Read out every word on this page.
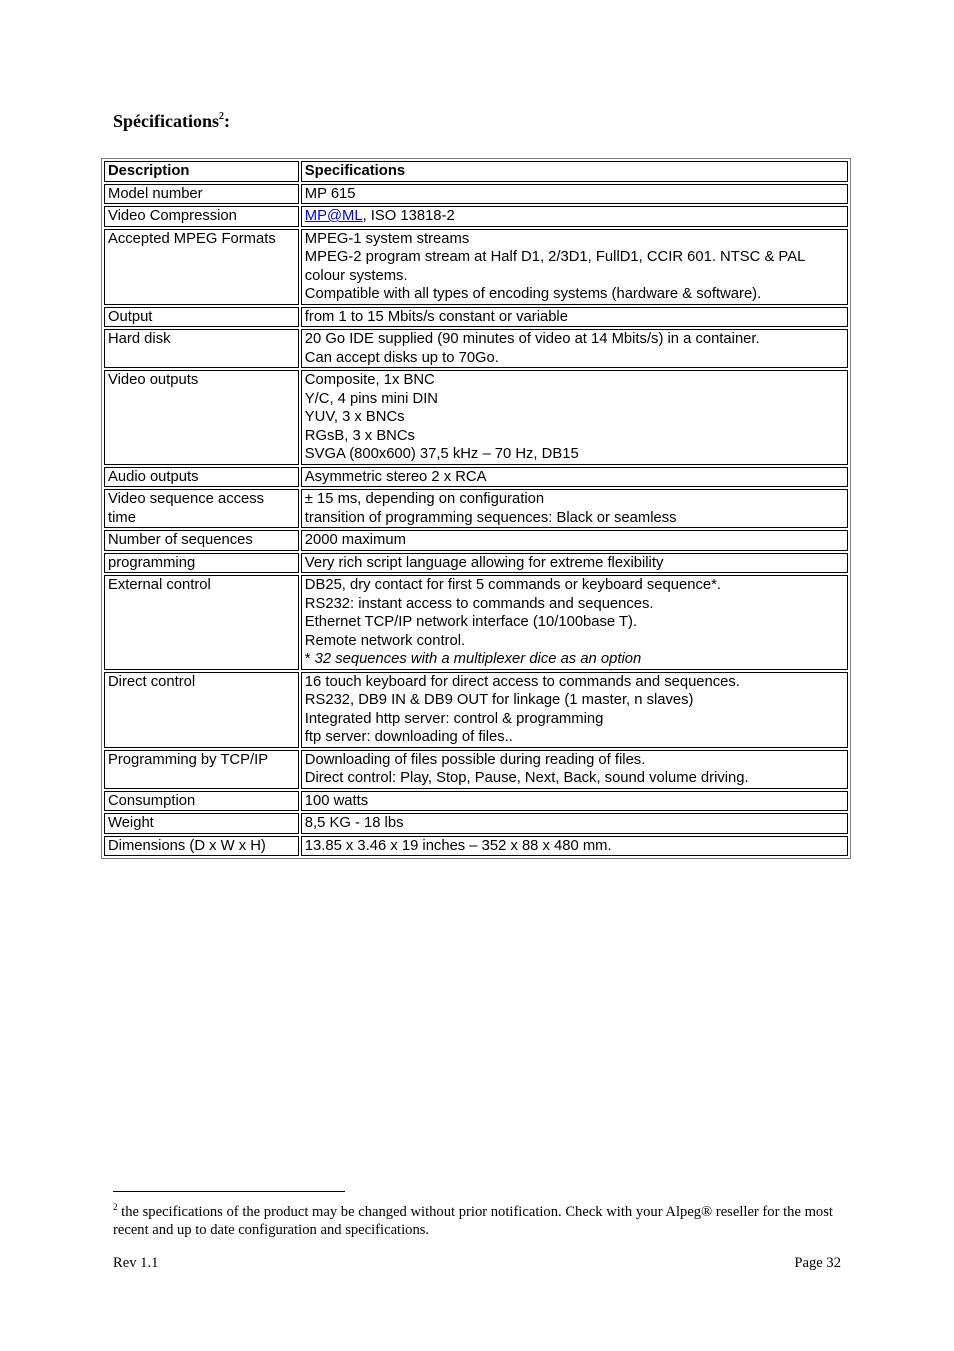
Spécifications$^2$:
Description	Specifications
Model number	MP 615

Video Compression	MP@ML, ISO 13818-2
Accepted MPEG Formats	MPEG-1 system streams
MPEG-2 program stream at Half D1, 2/3D1, FullD1, CCIR 601. NTSC & PAL colour systems.
Compatible with all types of encoding systems (hardware & software).

Output	from 1 to 15 Mbits/s constant or variable

Hard disk	20 Go IDE supplied (90 minutes of video at 14 Mbits/s) in a container.
Can accept disks up to 70Go.

Video outputs	Composite, 1x BNC
Y/C, 4 pins mini DIN
YUV, 3 x BNCs
RGsB, 3 x BNCs
SVGA (800x600) 37,5 kHz – 70 Hz, DB15

Audio outputs	Asymmetric stereo 2 x RCA

Video sequence access time	± 15 ms, depending on configuration
transition of programming sequences: Black or seamless

Number of sequences	2000 maximum

programming	Very rich script language allowing for extreme flexibility

External control	DB25, dry contact for first 5 commands or keyboard sequence*.
RS232: instant access to commands and sequences.
Ethernet TCP/IP network interface (10/100base T).
Remote network control.
* 32 sequences with a multiplexer dice as an option

Direct control	16 touch keyboard for direct access to commands and sequences.
RS232, DB9 IN & DB9 OUT for linkage (1 master, n slaves)
Integrated http server: control & programming
ftp server: downloading of files..

Programming by TCP/IP	Downloading of files possible during reading of files.
Direct control: Play, Stop, Pause, Next, Back, sound volume driving.

Consumption	100 watts

Weight	8,5 KG - 18 lbs

Dimensions (D x W x H)	13.85 x 3.46 x 19 inches – 352 x 88 x 480 mm.
$^2$ the specifications of the product may be changed without prior notification. Check with your Alpeg® reseller for the most recent and up to date configuration and specifications.
Rev 1.1	Page 32
